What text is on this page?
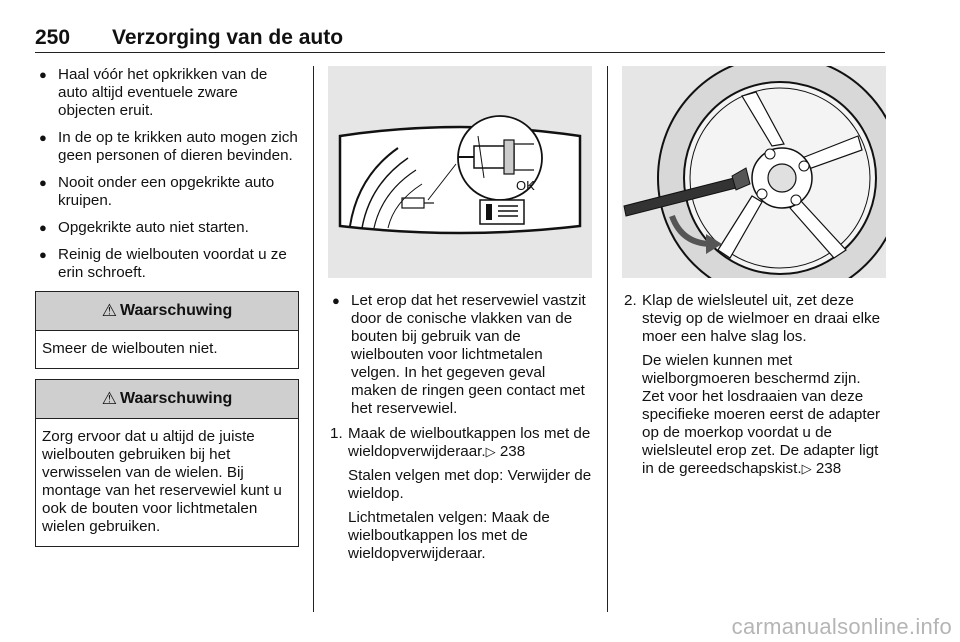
250 Verzorging van de auto
● Haal vóór het opkrikken van de auto altijd eventuele zware objecten eruit.
● In de op te krikken auto mogen zich geen personen of dieren bevinden.
● Nooit onder een opgekrikte auto kruipen.
● Opgekrikte auto niet starten.
● Reinig de wielbouten voordat u ze erin schroeft.
⚠ Waarschuwing
Smeer de wielbouten niet.
⚠ Waarschuwing
Zorg ervoor dat u altijd de juiste wielbouten gebruiken bij het verwisselen van de wielen. Bij montage van het reservewiel kunt u ook de bouten voor lichtmetalen wielen gebruiken.
OK
● Let erop dat het reservewiel vastzit door de conische vlakken van de bouten bij gebruik van de wielbouten voor lichtmetalen velgen. In het gegeven geval maken de ringen geen contact met het reservewiel.
1. Maak de wielboutkappen los met de wieldopverwijderaar.▷ 238

Stalen velgen met dop: Verwijder de wieldop.

Lichtmetalen velgen: Maak de wielboutkappen los met de wieldopverwijderaar.

2. Klap de wielsleutel uit, zet deze stevig op de wielmoer en draai elke moer een halve slag los.

De wielen kunnen met wielborgmoeren beschermd zijn. Zet voor het losdraaien van deze specifieke moeren eerst de adapter op de moerkop voordat u de wielsleutel erop zet. De adapter ligt in de gereedschapskist.▷ 238

carmanualsonline.info
